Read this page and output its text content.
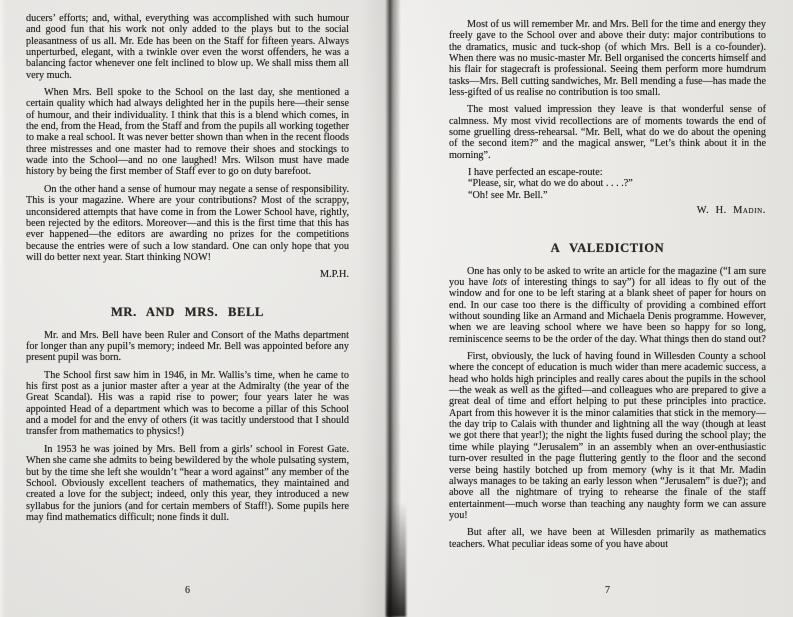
ducers’ efforts; and, withal, everything was accomplished with such humour and good fun that his work not only added to the plays but to the social pleasantness of us all. Mr. Ede has been on the Staff for fifteen years. Always unperturbed, elegant, with a twinkle over even the worst offenders, he was a balancing factor whenever one felt inclined to blow up. We shall miss them all very much.

When Mrs. Bell spoke to the School on the last day, she mentioned a certain quality which had always delighted her in the pupils here—their sense of humour, and their individuality. I think that this is a blend which comes, in the end, from the Head, from the Staff and from the pupils all working together to make a real school. It was never better shown than when in the recent floods three mistresses and one master had to remove their shoes and stockings to wade into the School—and no one laughed! Mrs. Wilson must have made history by being the first member of Staff ever to go on duty barefoot.

On the other hand a sense of humour may negate a sense of responsibility. This is your magazine. Where are your contributions? Most of the scrappy, unconsidered attempts that have come in from the Lower School have, rightly, been rejected by the editors. Moreover—and this is the first time that this has ever happened—the editors are awarding no prizes for the competitions because the entries were of such a low standard. One can only hope that you will do better next year. Start thinking NOW!

M.P.H.
MR. AND MRS. BELL

Mr. and Mrs. Bell have been Ruler and Consort of the Maths department for longer than any pupil’s memory; indeed Mr. Bell was appointed before any present pupil was born.

The School first saw him in 1946, in Mr. Wallis’s time, when he came to his first post as a junior master after a year at the Admiralty (the year of the Great Scandal). His was a rapid rise to power; four years later he was appointed Head of a department which was to become a pillar of this School and a model for and the envy of others (it was tacitly understood that I should transfer from mathematics to physics!)

In 1953 he was joined by Mrs. Bell from a girls’ school in Forest Gate. When she came she admits to being bewildered by the whole pulsating system, but by the time she left she wouldn’t “hear a word against” any member of the School. Obviously excellent teachers of mathematics, they maintained and created a love for the subject; indeed, only this year, they introduced a new syllabus for the juniors (and for certain members of Staff!). Some pupils here may find mathematics difficult; none finds it dull.

Most of us will remember Mr. and Mrs. Bell for the time and energy they freely gave to the School over and above their duty: major contributions to the dramatics, music and tuck-shop (of which Mrs. Bell is a co-founder). When there was no music-master Mr. Bell organised the concerts himself and his flair for stagecraft is professional. Seeing them perform more humdrum tasks—Mrs. Bell cutting sandwiches, Mr. Bell mending a fuse—has made the less-gifted of us realise no contribution is too small.

The most valued impression they leave is that wonderful sense of calmness. My most vivid recollections are of moments towards the end of some gruelling dress-rehearsal. “Mr. Bell, what do we do about the opening of the second item?” and the magical answer, “Let’s think about it in the morning”.

I have perfected an escape-route:
“Please, sir, what do we do about . . . .?”
“Oh! see Mr. Bell.”
W. H. Madin.
A VALEDICTION

One has only to be asked to write an article for the magazine (“I am sure you have lots of interesting things to say”) for all ideas to fly out of the window and for one to be left staring at a blank sheet of paper for hours on end. In our case too there is the difficulty of providing a combined effort without sounding like an Armand and Michaela Denis programme. However, when we are leaving school where we have been so happy for so long, reminiscence seems to be the order of the day. What things then do stand out?

First, obviously, the luck of having found in Willesden County a school where the concept of education is much wider than mere academic success, a head who holds high principles and really cares about the pupils in the school—the weak as well as the gifted—and colleagues who are prepared to give a great deal of time and effort helping to put these principles into practice. Apart from this however it is the minor calamities that stick in the memory—the day trip to Calais with thunder and lightning all the way (though at least we got there that year!); the night the lights fused during the school play; the time while playing “Jerusalem” in an assembly when an over-enthusiastic turn-over resulted in the page fluttering gently to the floor and the second verse being hastily botched up from memory (why is it that Mr. Madin always manages to be taking an early lesson when “Jerusalem” is due?); and above all the nightmare of trying to rehearse the finale of the staff entertainment—much worse than teaching any naughty form we can assure you!

But after all, we have been at Willesden primarily as mathematics teachers. What peculiar ideas some of you have about

6	7
